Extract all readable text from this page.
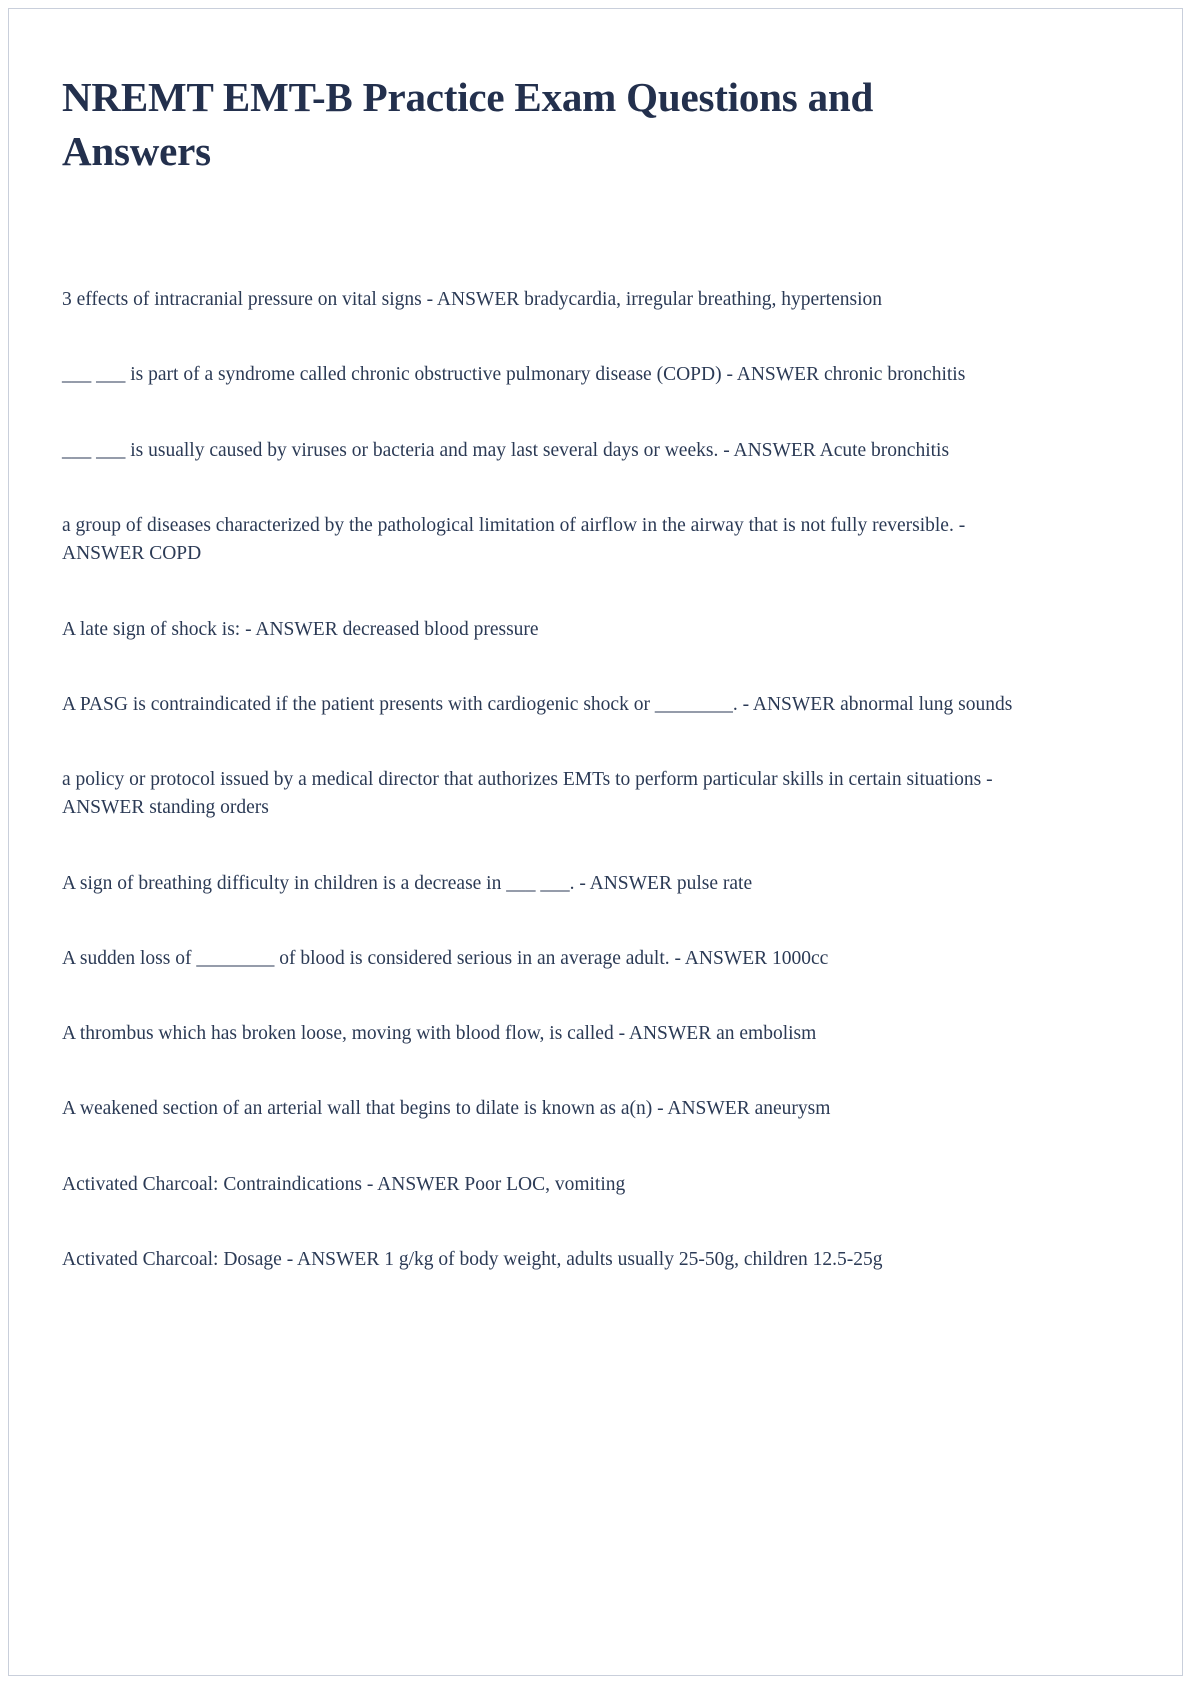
NREMT EMT-B Practice Exam Questions and Answers

3 effects of intracranial pressure on vital signs - ANSWER bradycardia, irregular breathing, hypertension

___ ___ is part of a syndrome called chronic obstructive pulmonary disease (COPD) - ANSWER chronic bronchitis

___ ___ is usually caused by viruses or bacteria and may last several days or weeks. - ANSWER Acute bronchitis

a group of diseases characterized by the pathological limitation of airflow in the airway that is not fully reversible. - ANSWER COPD

A late sign of shock is: - ANSWER decreased blood pressure

A PASG is contraindicated if the patient presents with cardiogenic shock or ________. - ANSWER abnormal lung sounds

a policy or protocol issued by a medical director that authorizes EMTs to perform particular skills in certain situations - ANSWER standing orders

A sign of breathing difficulty in children is a decrease in ___ ___. - ANSWER pulse rate

A sudden loss of ________ of blood is considered serious in an average adult. - ANSWER 1000cc

A thrombus which has broken loose, moving with blood flow, is called - ANSWER an embolism

A weakened section of an arterial wall that begins to dilate is known as a(n) - ANSWER aneurysm

Activated Charcoal: Contraindications - ANSWER Poor LOC, vomiting

Activated Charcoal: Dosage - ANSWER 1 g/kg of body weight, adults usually 25-50g, children 12.5-25g
